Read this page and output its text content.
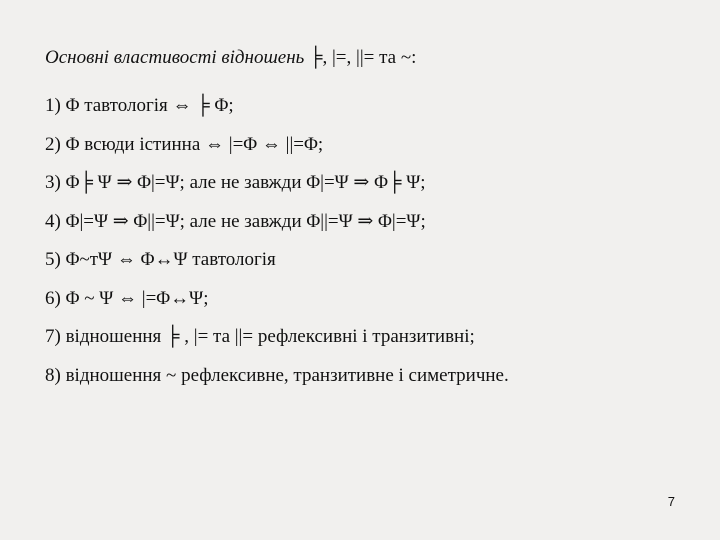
Основні властивості відношень ╞, |=, ||= та ~:
1) Φ тавтологія ⇔ ╞ Φ;
2) Φ всюди істинна ⇔ |=Φ ⇔ ||=Φ;
3) Φ╞ Ψ ⇒ Φ|=Ψ; але не завжди Φ|=Ψ ⇒ Φ╞ Ψ;
4) Φ|=Ψ ⇒ Φ||=Ψ; але не завжди Φ||=Ψ ⇒ Φ|=Ψ;
5) Φ~тΨ ⇔ Φ↔Ψ тавтологія
6) Φ ~ Ψ ⇔ |=Φ↔Ψ;
7) відношення ╞ , |= та ||= рефлексивні і транзитивні;
8) відношення ~ рефлексивне, транзитивне і симетричне.
7
